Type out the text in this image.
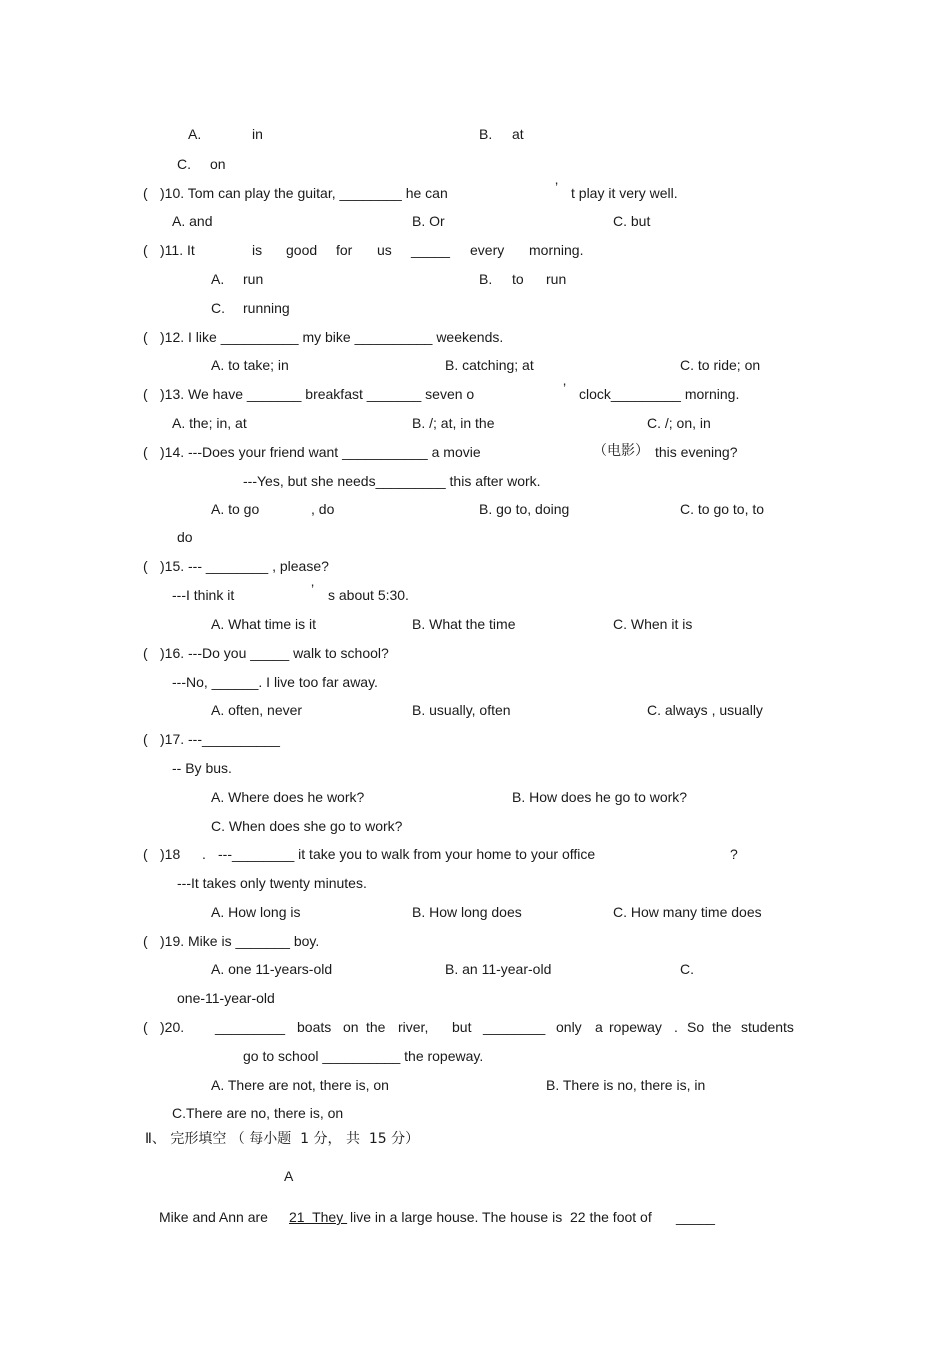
A.	in	B. at
C. on
( )10. Tom can play the guitar, ________ he can	’ t play it very well.
A. and	B. Or	C. but
( )11. It	is good for us _____ every morning.
A. run	B. to run
C. running
( )12. I like __________ my bike __________ weekends.
A. to take; in	B. catching; at	C. to ride; on
( )13. We have _______ breakfast _______ seven o	’ clock_________ morning.
A. the; in, at	B. /; at, in the	C. /; on, in
( )14. ---Does your friend want ___________ a movie	（电影） this evening?
---Yes, but she needs_________ this after work.
A. to go	, do	B. go to, doing	C. to go to, to
do
( )15. --- ________ , please?
---I think it	’ s about 5:30.
A. What time is it	B. What the time	C. When it is
( )16. ---Do you _____ walk to school?
---No, ______. I live too far away.
A. often, never	B. usually, often	C. always , usually
( )17. ---__________
-- By bus.
A. Where does he work?	B. How does he go to work?
C. When does she go to work?
( )18 . ---________ it take you to walk from your home to your office	?
---It takes only twenty minutes.
A. How long is	B. How long does	C. How many time does
( )19. Mike is _______ boy.
A. one 11-years-old	B. an 11-year-old	C.
one-11-year-old
( )20. _________ boats on the river, but ________ only a ropeway . So the students
go to school __________ the ropeway.
A. There are not, there is, on	B. There is no, there is, in
C.There are no, there is, on
Ⅱ、 完形填空 （ 每小题  1 分， 共  15 分）
A
Mike and Ann are 21  They live in a large house. The house is  22 the foot of _____
